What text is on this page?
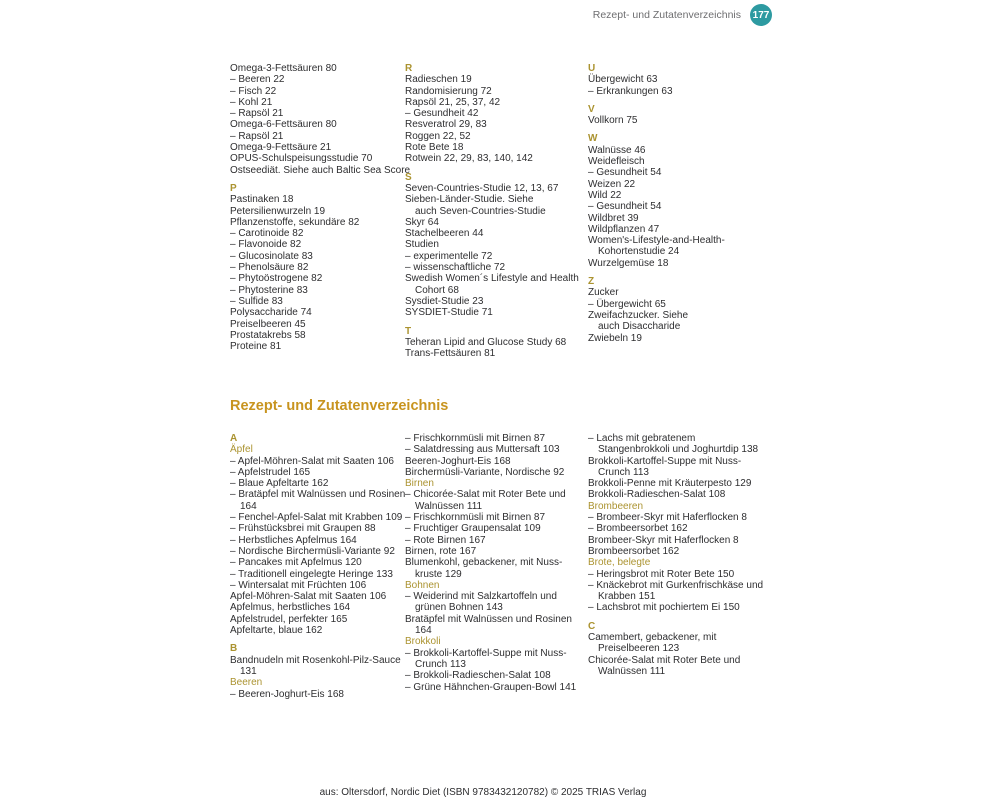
Rezept- und Zutatenverzeichnis 177
Omega-3-Fettsäuren 80
– Beeren 22
– Fisch 22
– Kohl 21
– Rapsöl 21
Omega-6-Fettsäuren 80
– Rapsöl 21
Omega-9-Fettsäure 21
OPUS-Schulspeisungsstudie 70
Ostseediät. Siehe auch Baltic Sea Score
P
Pastinaken 18
Petersilienwurzeln 19
Pflanzenstoffe, sekundäre 82
– Carotinoide 82
– Flavonoide 82
– Glucosinolate 83
– Phenolsäure 82
– Phytoöstrogene 82
– Phytosterine 83
– Sulfide 83
Polysaccharide 74
Preiselbeeren 45
Prostatakrebs 58
Proteine 81
R
Radieschen 19
Randomisierung 72
Rapsöl 21, 25, 37, 42
– Gesundheit 42
Resveratrol 29, 83
Roggen 22, 52
Rote Bete 18
Rotwein 22, 29, 83, 140, 142
S
Seven-Countries-Studie 12, 13, 67
Sieben-Länder-Studie. Siehe
auch Seven-Countries-Studie
Skyr 64
Stachelbeeren 44
Studien
– experimentelle 72
– wissenschaftliche 72
Swedish Women´s Lifestyle and Health
Cohort 68
Sysdiet-Studie 23
SYSDIET-Studie 71
T
Teheran Lipid and Glucose Study 68
Trans-Fettsäuren 81
U
Übergewicht 63
– Erkrankungen 63
V
Vollkorn 75
W
Walnüsse 46
Weidefleisch
– Gesundheit 54
Weizen 22
Wild 22
– Gesundheit 54
Wildbret 39
Wildpflanzen 47
Women's-Lifestyle-and-Health-
Kohortenstudie 24
Wurzelgemüse 18
Z
Zucker
– Übergewicht 65
Zweifachzucker. Siehe
auch Disaccharide
Zwiebeln 19
Rezept- und Zutatenverzeichnis
A
Äpfel
– Apfel-Möhren-Salat mit Saaten 106
– Apfelstrudel 165
– Blaue Apfeltarte 162
– Bratäpfel mit Walnüssen und Rosinen
164
– Fenchel-Apfel-Salat mit Krabben 109
– Frühstücksbrei mit Graupen 88
– Herbstliches Apfelmus 164
– Nordische Birchermüsli-Variante 92
– Pancakes mit Apfelmus 120
– Traditionell eingelegte Heringe 133
– Wintersalat mit Früchten 106
Apfel-Möhren-Salat mit Saaten 106
Apfelmus, herbstliches 164
Apfelstrudel, perfekter 165
Apfeltarte, blaue 162
B
Bandnudeln mit Rosenkohl-Pilz-Sauce
131
Beeren
– Beeren-Joghurt-Eis 168
– Frischkornmüsli mit Birnen 87
– Salatdressing aus Muttersaft 103
Beeren-Joghurt-Eis 168
Birchermüsli-Variante, Nordische 92
Birnen
– Chicorée-Salat mit Roter Bete und
Walnüssen 111
– Frischkornmüsli mit Birnen 87
– Fruchtiger Graupensalat 109
– Rote Birnen 167
Birnen, rote 167
Blumenkohl, gebackener, mit Nuss-
kruste 129
Bohnen
– Weiderind mit Salzkartoffeln und
grünen Bohnen 143
Bratäpfel mit Walnüssen und Rosinen
164
Brokkoli
– Brokkoli-Kartoffel-Suppe mit Nuss-
Crunch 113
– Brokkoli-Radieschen-Salat 108
– Grüne Hähnchen-Graupen-Bowl 141
– Lachs mit gebratenem
Stangenbrokkoli und Joghurtdip 138
Brokkoli-Kartoffel-Suppe mit Nuss-
Crunch 113
Brokkoli-Penne mit Kräuterpesto 129
Brokkoli-Radieschen-Salat 108
Brombeeren
– Brombeer-Skyr mit Haferflocken 8
– Brombeersorbet 162
Brombeer-Skyr mit Haferflocken 8
Brombeersorbet 162
Brote, belegte
– Heringsbrot mit Roter Bete 150
– Knäckebrot mit Gurkenfrischkäse und
Krabben 151
– Lachsbrot mit pochiertem Ei 150
C
Camembert, gebackener, mit
Preiselbeeren 123
Chicorée-Salat mit Roter Bete und
Walnüssen 111
aus: Oltersdorf, Nordic Diet (ISBN 9783432120782) © 2025 TRIAS Verlag
